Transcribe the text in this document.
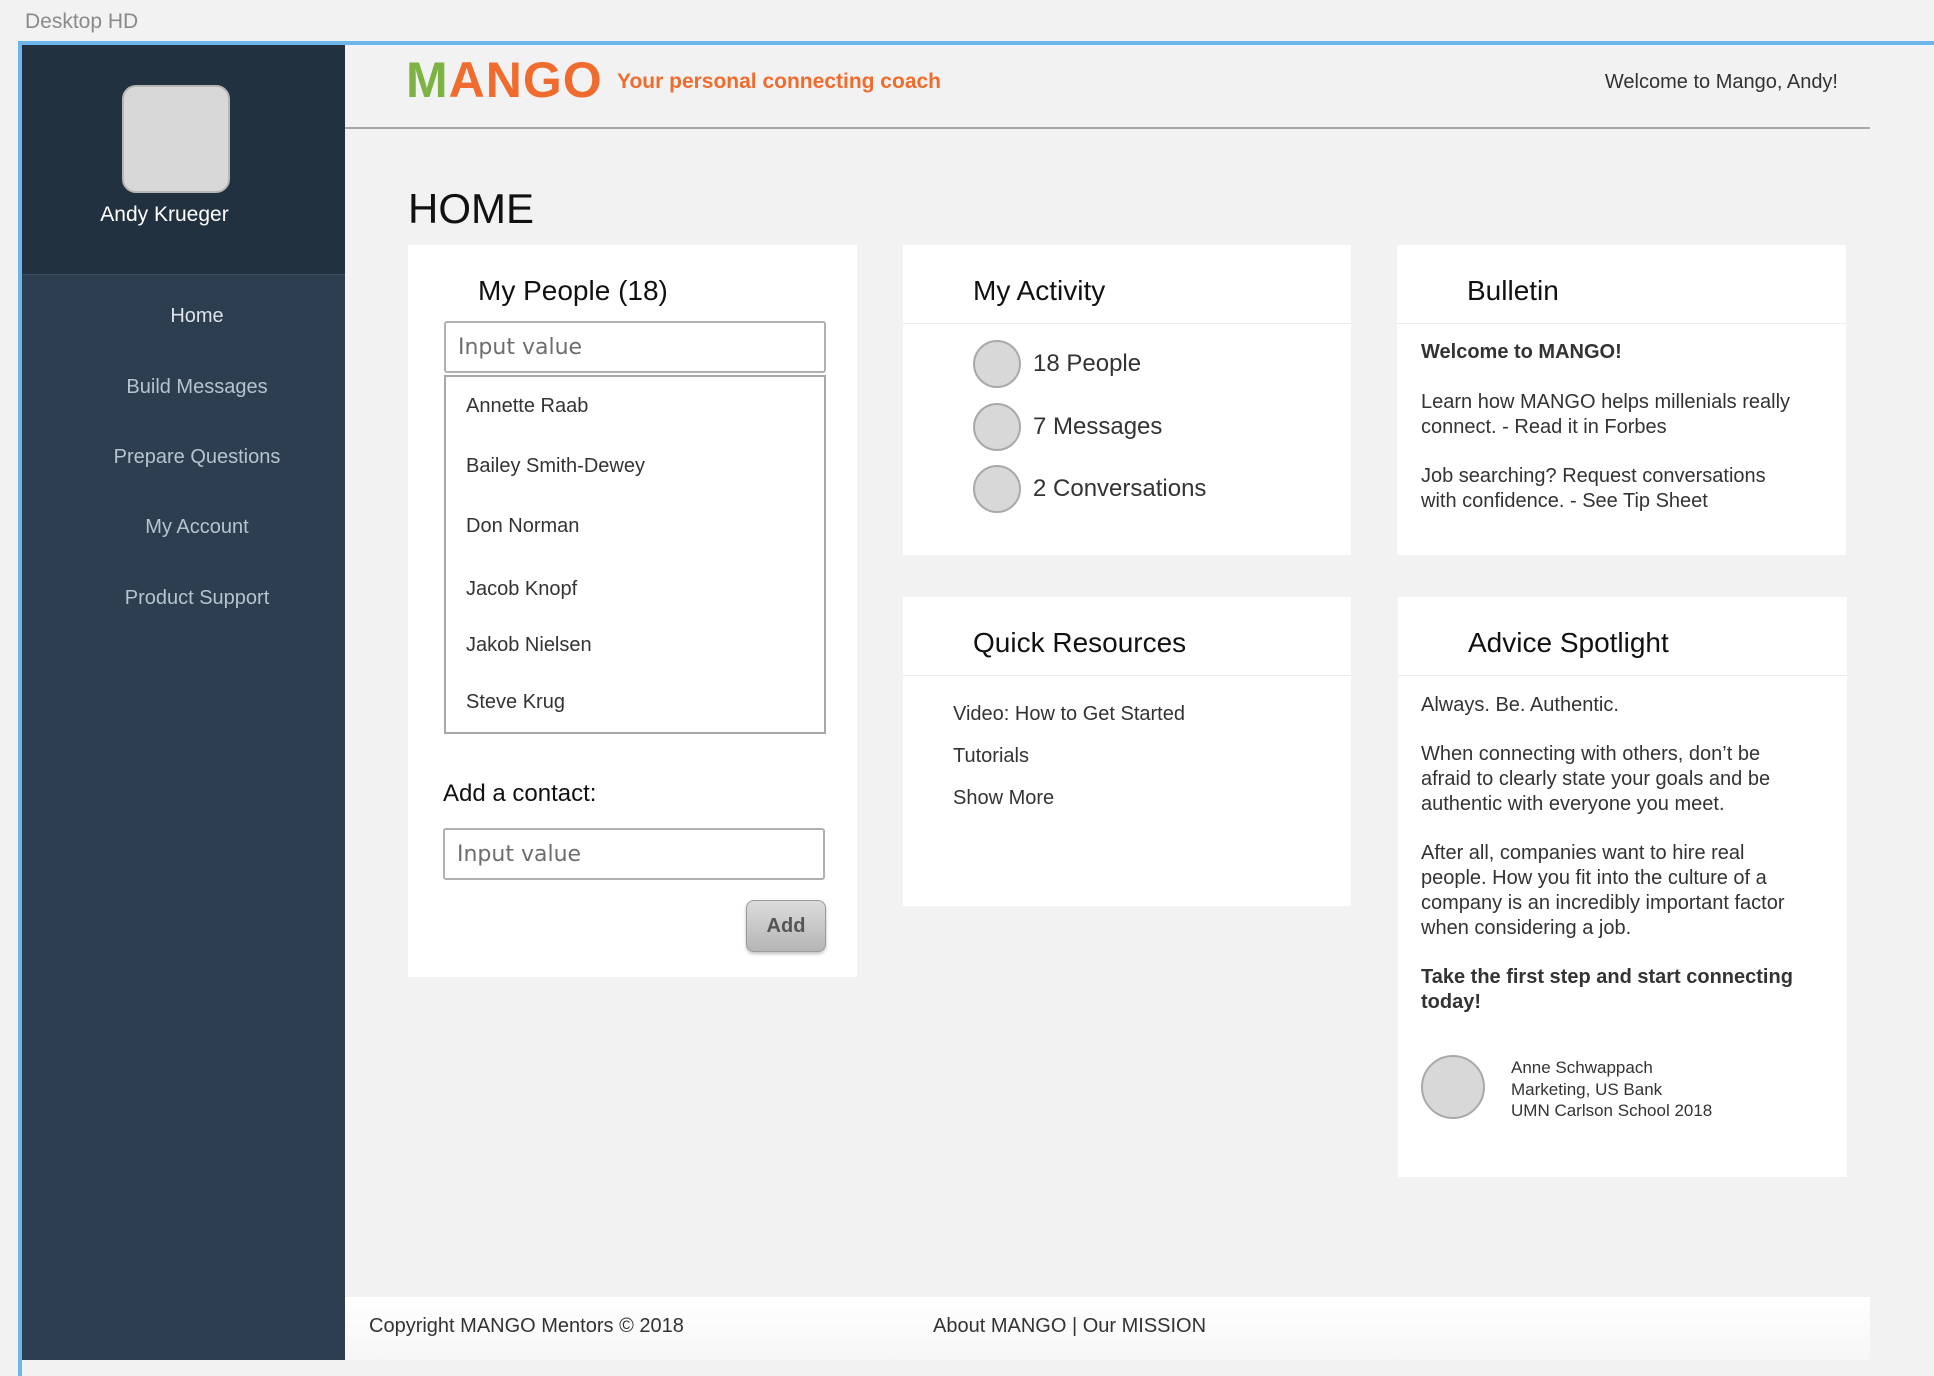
Desktop HD
Andy Krueger
Home
Build Messages
Prepare Questions
My Account
Product Support
MANGO Your personal connecting coach	Welcome to Mango, Andy!
HOME
My People (18)
Input value
Annette Raab
Bailey Smith-Dewey
Don Norman
Jacob Knopf
Jakob Nielsen
Steve Krug
Add a contact:
Input value
Add
My Activity
18 People
7 Messages
2 Conversations
Bulletin
Welcome to MANGO!
Learn how MANGO helps millenials really
connect. - Read it in Forbes
Job searching? Request conversations
with confidence. - See Tip Sheet
Quick Resources
Video: How to Get Started
Tutorials
Show More
Advice Spotlight
Always. Be. Authentic.
When connecting with others, don’t be
afraid to clearly state your goals and be
authentic with everyone you meet.
After all, companies want to hire real
people. How you fit into the culture of a
company is an incredibly important factor
when considering a job.
Take the first step and start connecting
today!
Anne Schwappach
Marketing, US Bank
UMN Carlson School 2018
Copyright MANGO Mentors © 2018	About MANGO | Our MISSION
